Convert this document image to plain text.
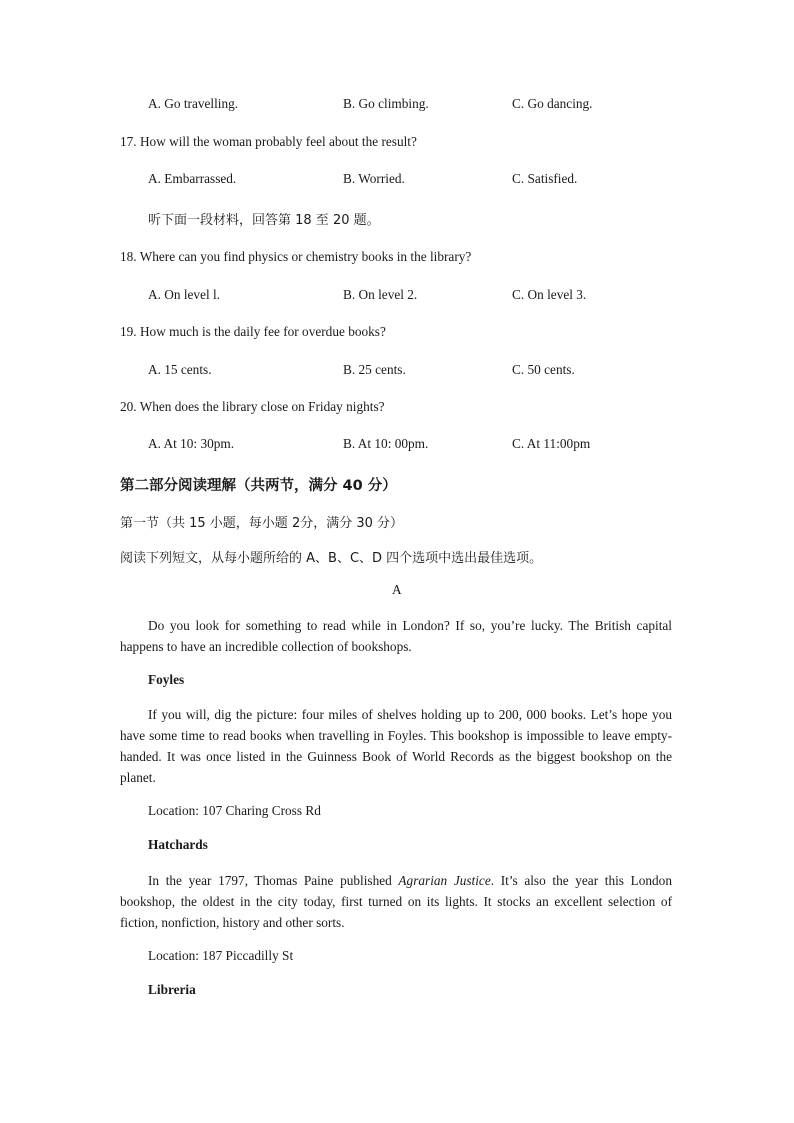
A. Go travelling.	B. Go climbing.	C. Go dancing.
17. How will the woman probably feel about the result?
A. Embarrassed.	B. Worried.	C. Satisfied.
听下面一段材料，回答第 18 至 20 题。
18. Where can you find physics or chemistry books in the library?
A. On level l.	B. On level 2.	C. On level 3.
19. How much is the daily fee for overdue books?
A. 15 cents.	B. 25 cents.	C. 50 cents.
20. When does the library close on Friday nights?
A. At 10: 30pm.	B. At 10: 00pm.	C. At 11:00pm
第二部分阅读理解（共两节，满分 40 分）
第一节（共 15 小题，每小题 2分，满分 30 分）
阅读下列短文，从每小题所给的 A、B、C、D 四个选项中选出最佳选项。
A
Do you look for something to read while in London? If so, you’re lucky. The British capital happens to have an incredible collection of bookshops.
Foyles
If you will, dig the picture: four miles of shelves holding up to 200, 000 books. Let’s hope you have some time to read books when travelling in Foyles. This bookshop is impossible to leave empty-handed. It was once listed in the Guinness Book of World Records as the biggest bookshop on the planet.
Location: 107 Charing Cross Rd
Hatchards
In the year 1797, Thomas Paine published Agrarian Justice. It’s also the year this London bookshop, the oldest in the city today, first turned on its lights. It stocks an excellent selection of fiction, nonfiction, history and other sorts.
Location: 187 Piccadilly St
Libreria
